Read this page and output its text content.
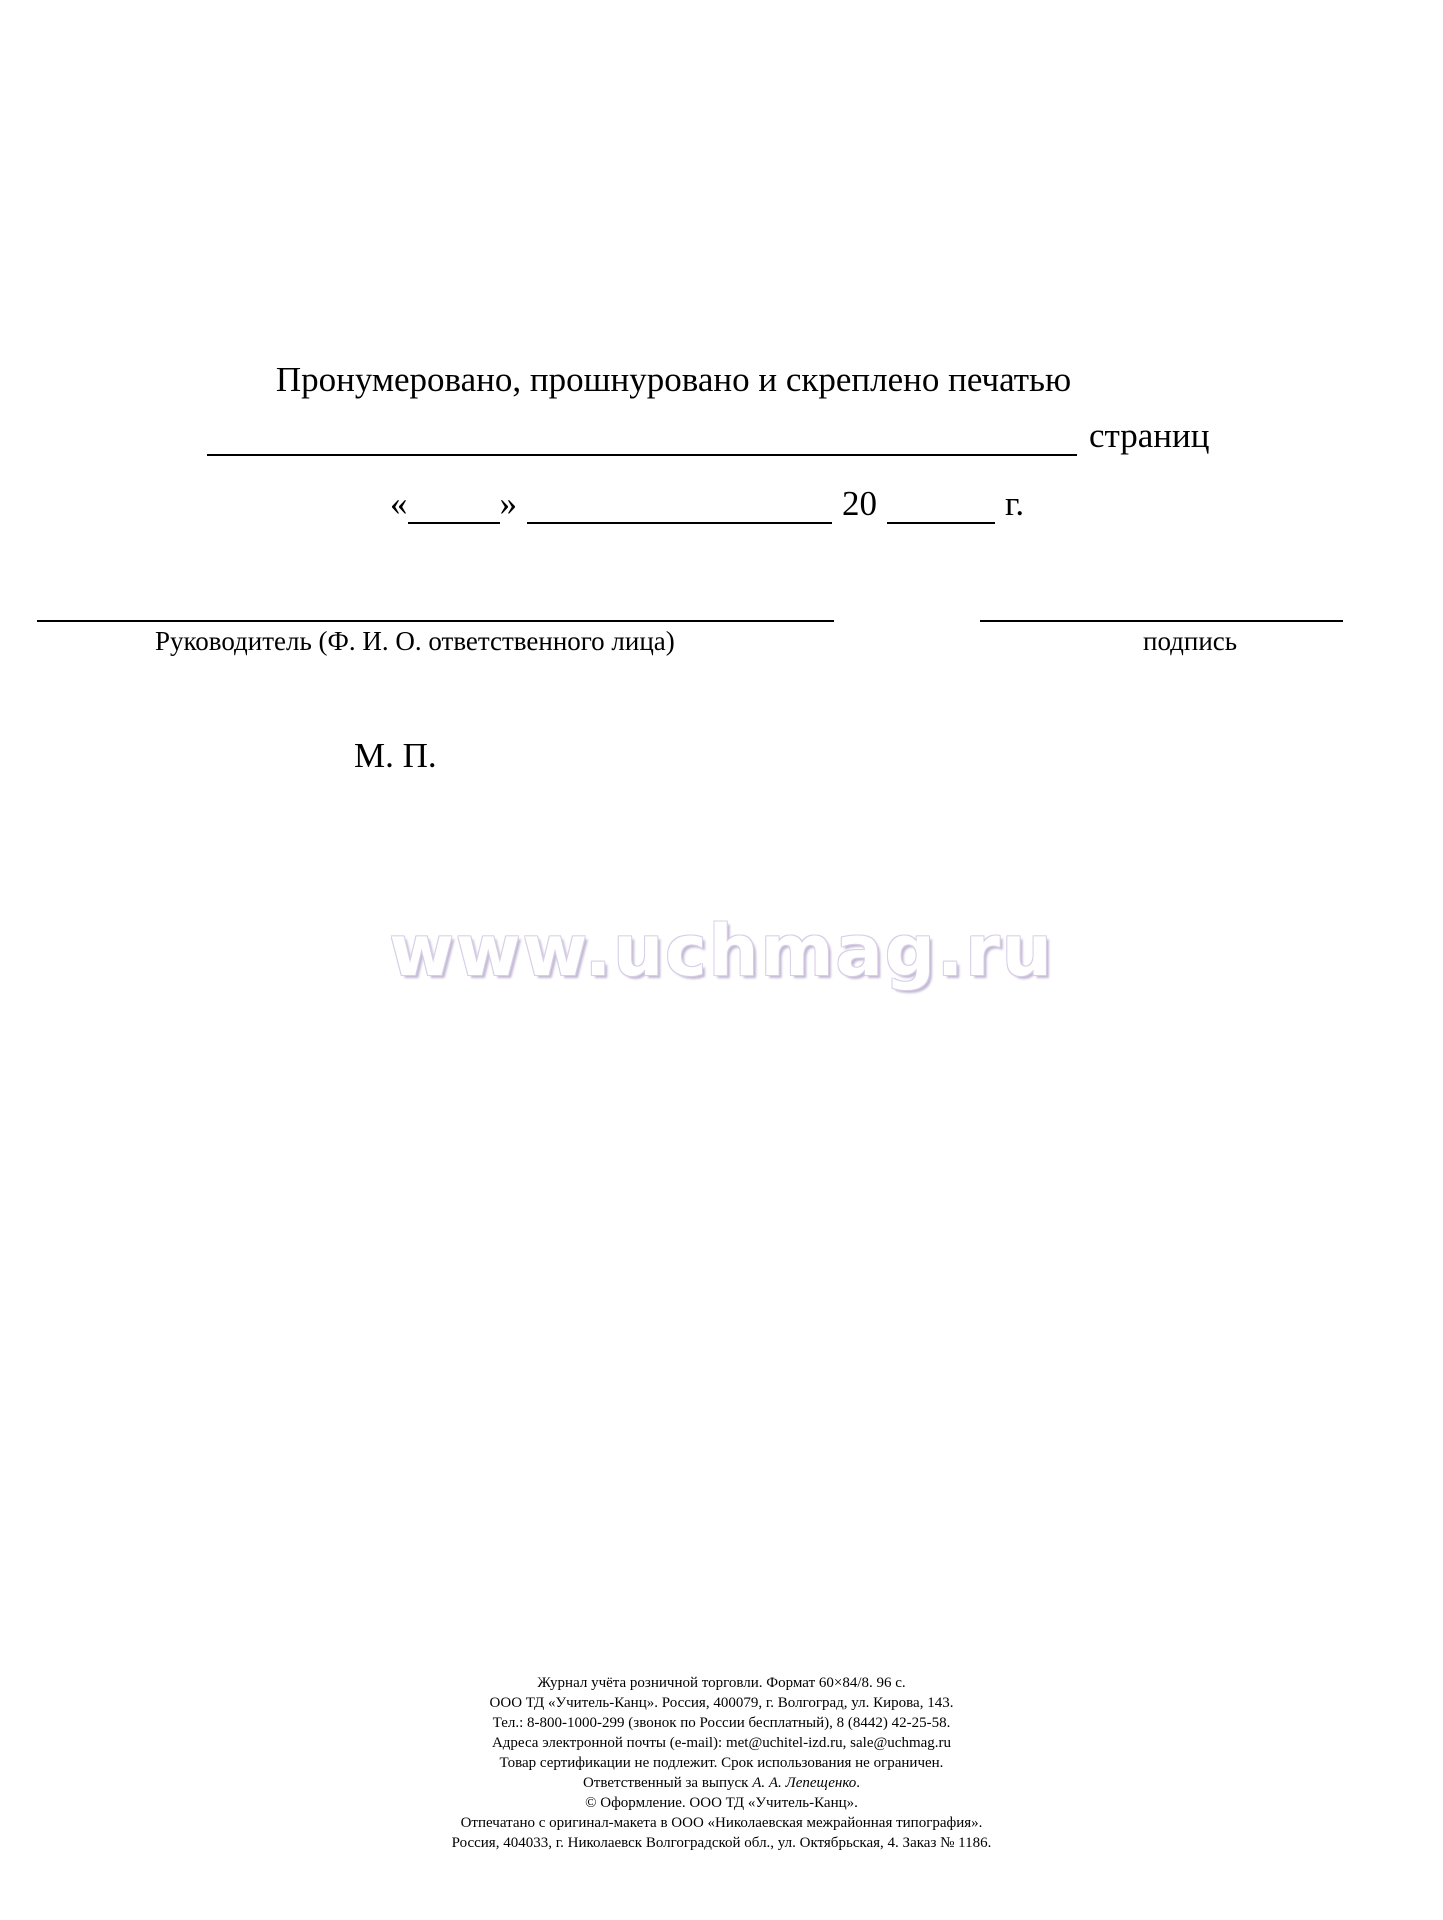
Пронумеровано, прошнуровано и скреплено печатью
страниц
«	»	20	г.
Руководитель (Ф. И. О. ответственного лица)	подпись
М. П.
www.uchmag.ru
Журнал учёта розничной торговли. Формат 60×84/8. 96 с.
ООО ТД «Учитель-Канц». Россия, 400079, г. Волгоград, ул. Кирова, 143.
Тел.: 8-800-1000-299 (звонок по России бесплатный), 8 (8442) 42-25-58.
Адреса электронной почты (e-mail): met@uchitel-izd.ru, sale@uchmag.ru
Товар сертификации не подлежит. Срок использования не ограничен.
Ответственный за выпуск А. А. Лепещенко.
© Оформление. ООО ТД «Учитель-Канц».
Отпечатано с оригинал-макета в ООО «Николаевская межрайонная типография».
Россия, 404033, г. Николаевск Волгоградской обл., ул. Октябрьская, 4. Заказ № 1186.
